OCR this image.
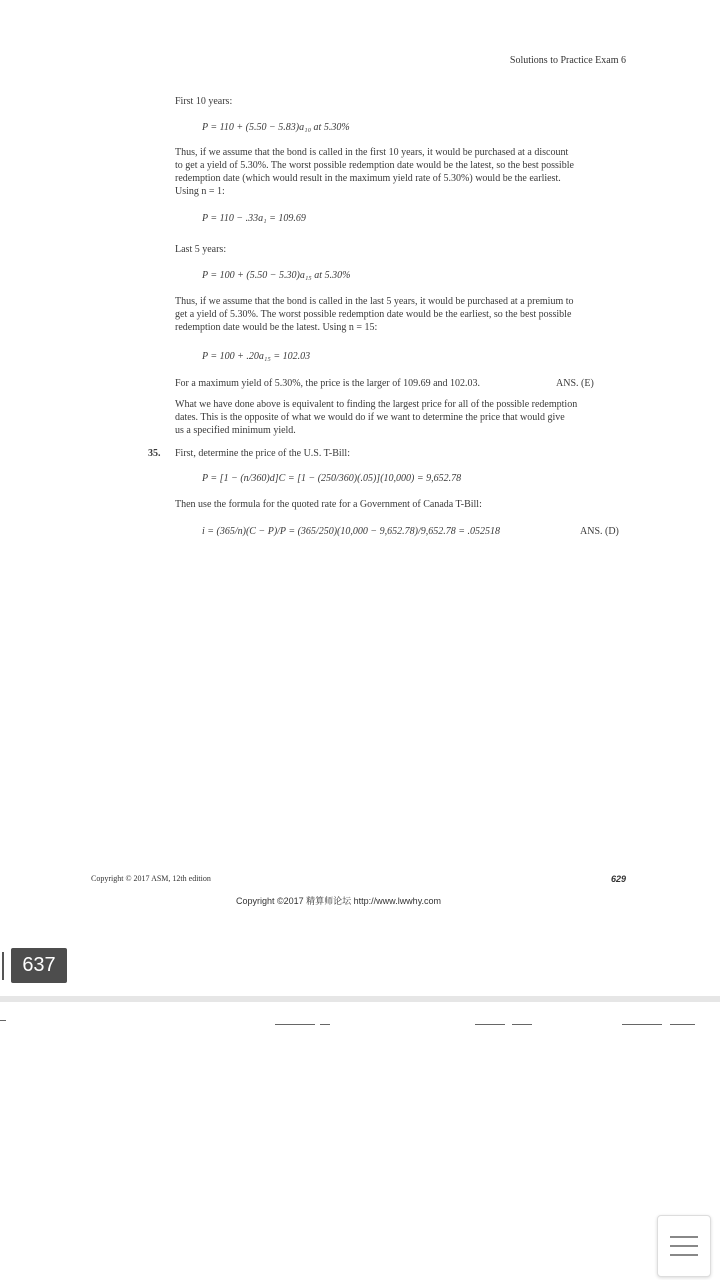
Solutions to Practice Exam 6
First 10 years:
P = 110 + (5.50 − 5.83)a₁₀ at 5.30%
Thus, if we assume that the bond is called in the first 10 years, it would be purchased at a discount
to get a yield of 5.30%. The worst possible redemption date would be the latest, so the best possible
redemption date (which would result in the maximum yield rate of 5.30%) would be the earliest.
Using n = 1:
P = 110 − .33a₁ = 109.69
Last 5 years:
P = 100 + (5.50 − 5.30)a₁₅ at 5.30%
Thus, if we assume that the bond is called in the last 5 years, it would be purchased at a premium to
get a yield of 5.30%. The worst possible redemption date would be the earliest, so the best possible
redemption date would be the latest. Using n = 15:
P = 100 + .20a₁₅ = 102.03
For a maximum yield of 5.30%, the price is the larger of 109.69 and 102.03.	ANS. (E)
What we have done above is equivalent to finding the largest price for all of the possible redemption
dates. This is the opposite of what we would do if we want to determine the price that would give
us a specified minimum yield.
35. First, determine the price of the U.S. T-Bill:
P = [1 − (n/360)d]C = [1 − (250/360)(.05)](10,000) = 9,652.78
Then use the formula for the quoted rate for a Government of Canada T-Bill:
i = (365/n)(C − P)/P = (365/250)(10,000 − 9,652.78)/9,652.78 = .052518	ANS. (D)
Copyright © 2017 ASM, 12th edition	629
Copyright ©2017 精算师论坛 http://www.lwwhy.com
637
